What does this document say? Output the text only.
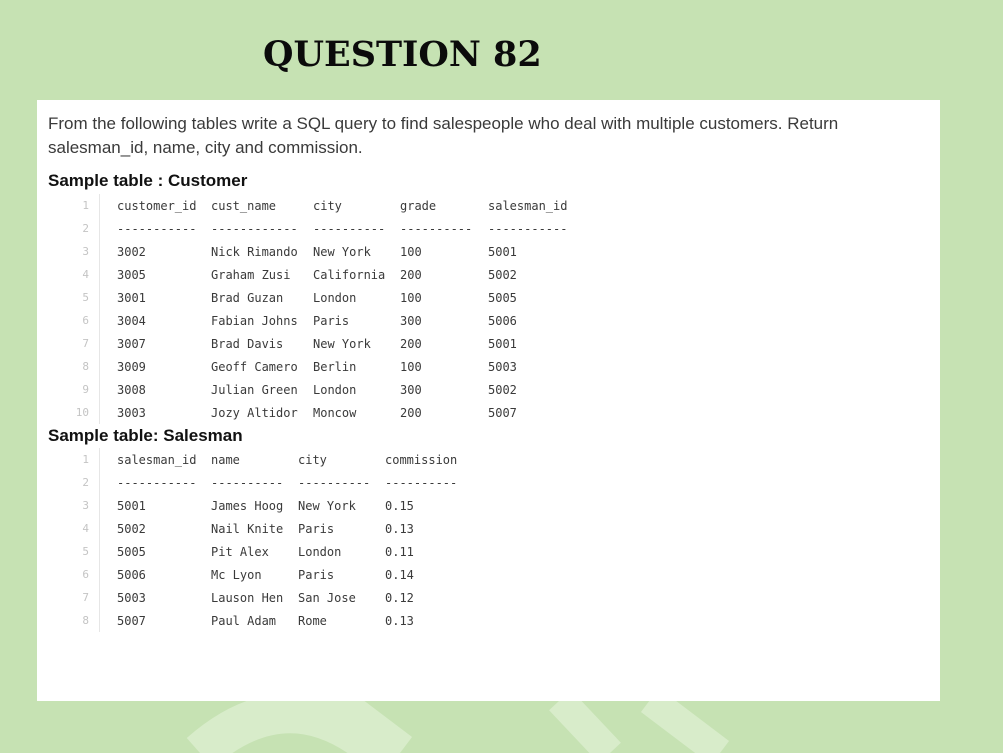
QUESTION 82

From the following tables write a SQL query to find salespeople who deal with multiple customers. Return salesman_id, name, city and commission.

Sample table : Customer
1	customer_id	cust_name	city	grade	salesman_id
2	-----------	------------	----------	----------	-----------
3	3002	Nick Rimando	New York	100	5001
4	3005	Graham Zusi	California	200	5002
5	3001	Brad Guzan	London	100	5005
6	3004	Fabian Johns	Paris	300	5006
7	3007	Brad Davis	New York	200	5001
8	3009	Geoff Camero	Berlin	100	5003
9	3008	Julian Green	London	300	5002
10	3003	Jozy Altidor	Moncow	200	5007
Sample table: Salesman
1	salesman_id	name	city	commission
2	-----------	----------	----------	----------
3	5001	James Hoog	New York	0.15
4	5002	Nail Knite	Paris	0.13
5	5005	Pit Alex	London	0.11
6	5006	Mc Lyon	Paris	0.14
7	5003	Lauson Hen	San Jose	0.12
8	5007	Paul Adam	Rome	0.13
